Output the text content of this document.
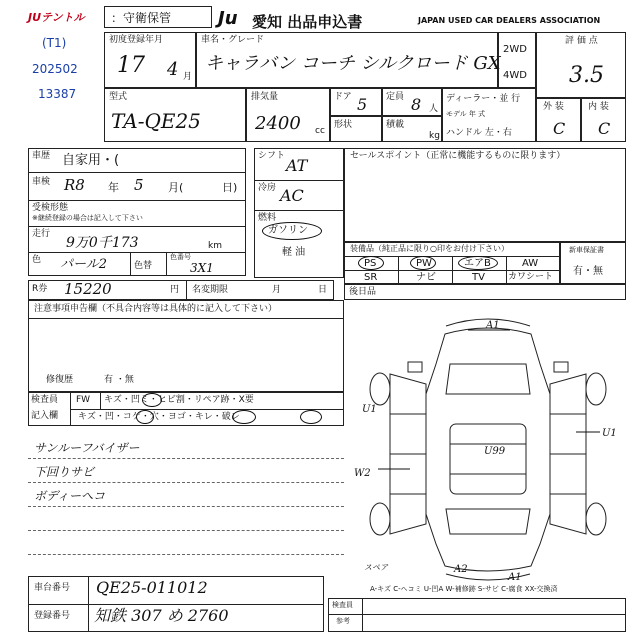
JUテントル ：守衛保管	Ju 愛知 出品申込書	JAPAN USED CAR DEALERS ASSOCIATION
(T1)
202502
13387
初度登録年月
17 4 月
車名・グレード
キャラバン コーチ シルクロード GX
2WD
4WD
評 価 点
3.5
型式
TA-QE25
排気量
2400 cc
ドア 5 定員 8 人
形状	積載
kg
ディーラー・並 行
モデル 年 式
ハンドル 左・右
外 装
C
内 装
C
車歴 自家用・(
車検 R8 年 5 月(	日)
受検形態
※継続登録の場合は記入して下さい
走行
9万0千173	km
色 パール2	色替
色番号
3X1
R券 15220	円 名変期限	月	日
シフト AT
冷房 AC
燃料
ガソリン
軽 油
セールスポイント（正常に機能するものに限ります）
装備品（純正品に限り○印をお付け下さい）
PS	PW	エアB	AW
SR	ナビ	TV	カワシート
新車保証書
有・無
後日品
注意事項申告欄（不具合内容等は具体的に記入して下さい）
修復歴	有 ・無
検査員
記入欄
FW キズ・凹ミ・ヒビ割・リペア跡・X要
キズ・凹・コゲ・穴・ヨゴ・キレ・破レ
サンルーフバイザー
下回りサビ
ボディーへコ
車台番号 QE25-011012
登録番号 知鉄 307 め 2760
A1
U1
W2
U1
U99
スペア	A2
A1
A-キズ C-ヘコミ U-凹A W-補修跡 S-サビ C-腐食 XX-交換済
検査員
参考
